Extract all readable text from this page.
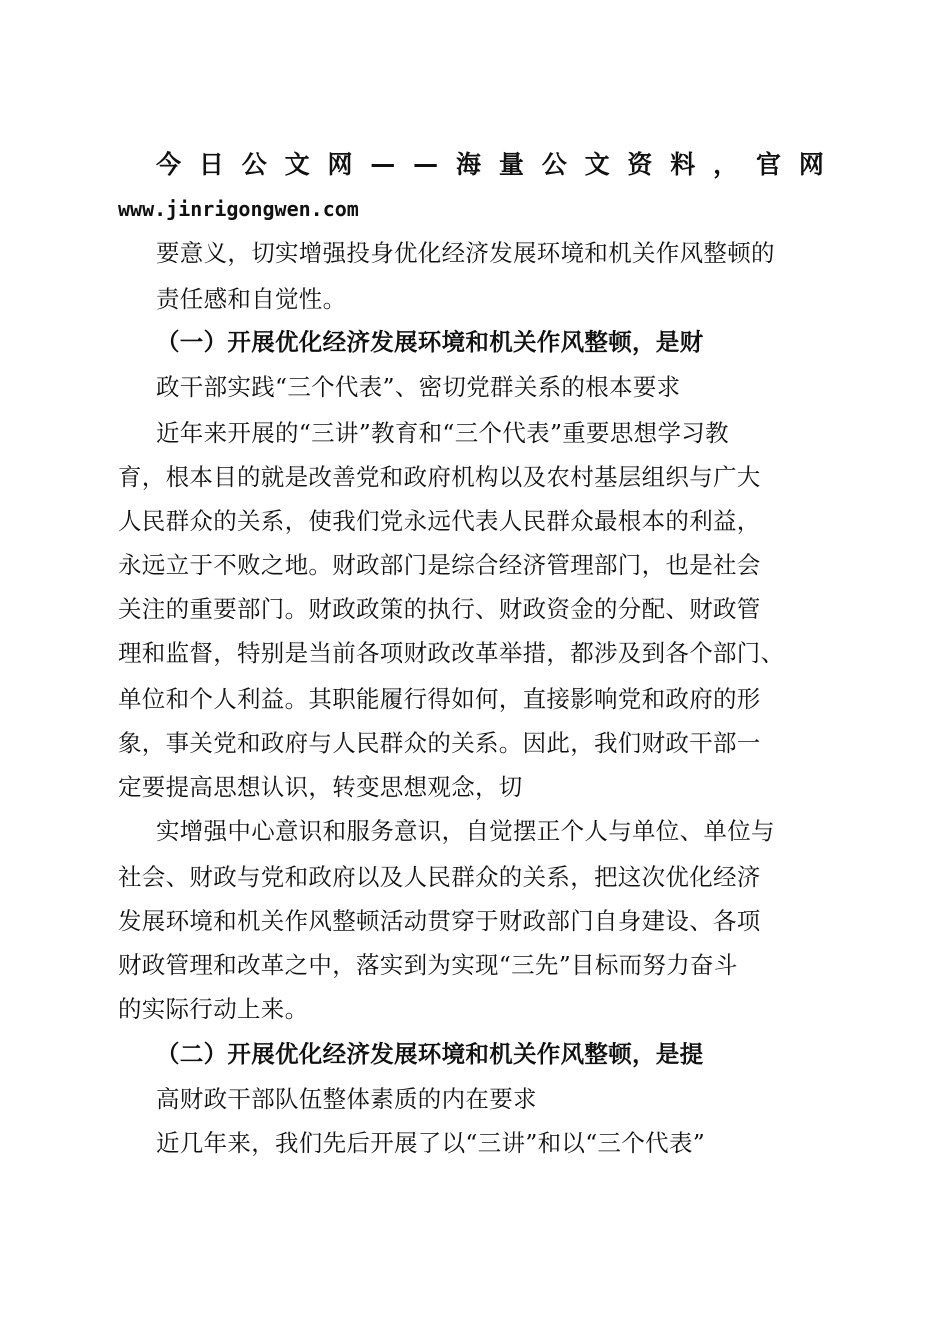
今 日 公 文 网 — — 海 量 公 文 资 料 ， 官 网
www.jinrigongwen.com
要意义，切实增强投身优化经济发展环境和机关作风整顿的
责任感和自觉性。
（一）开展优化经济发展环境和机关作风整顿，是财
政干部实践“三个代表”、密切党群关系的根本要求
近年来开展的“三讲”教育和“三个代表”重要思想学习教
育，根本目的就是改善党和政府机构以及农村基层组织与广大
人民群众的关系，使我们党永远代表人民群众最根本的利益，
永远立于不败之地。财政部门是综合经济管理部门，也是社会
关注的重要部门。财政政策的执行、财政资金的分配、财政管
理和监督，特别是当前各项财政改革举措，都涉及到各个部门、
单位和个人利益。其职能履行得如何，直接影响党和政府的形
象，事关党和政府与人民群众的关系。因此，我们财政干部一
定要提高思想认识，转变思想观念，切
实增强中心意识和服务意识，自觉摆正个人与单位、单位与
社会、财政与党和政府以及人民群众的关系，把这次优化经济
发展环境和机关作风整顿活动贯穿于财政部门自身建设、各项
财政管理和改革之中，落实到为实现“三先”目标而努力奋斗
的实际行动上来。
（二）开展优化经济发展环境和机关作风整顿，是提
高财政干部队伍整体素质的内在要求
近几年来，我们先后开展了以“三讲”和以“三个代表”
